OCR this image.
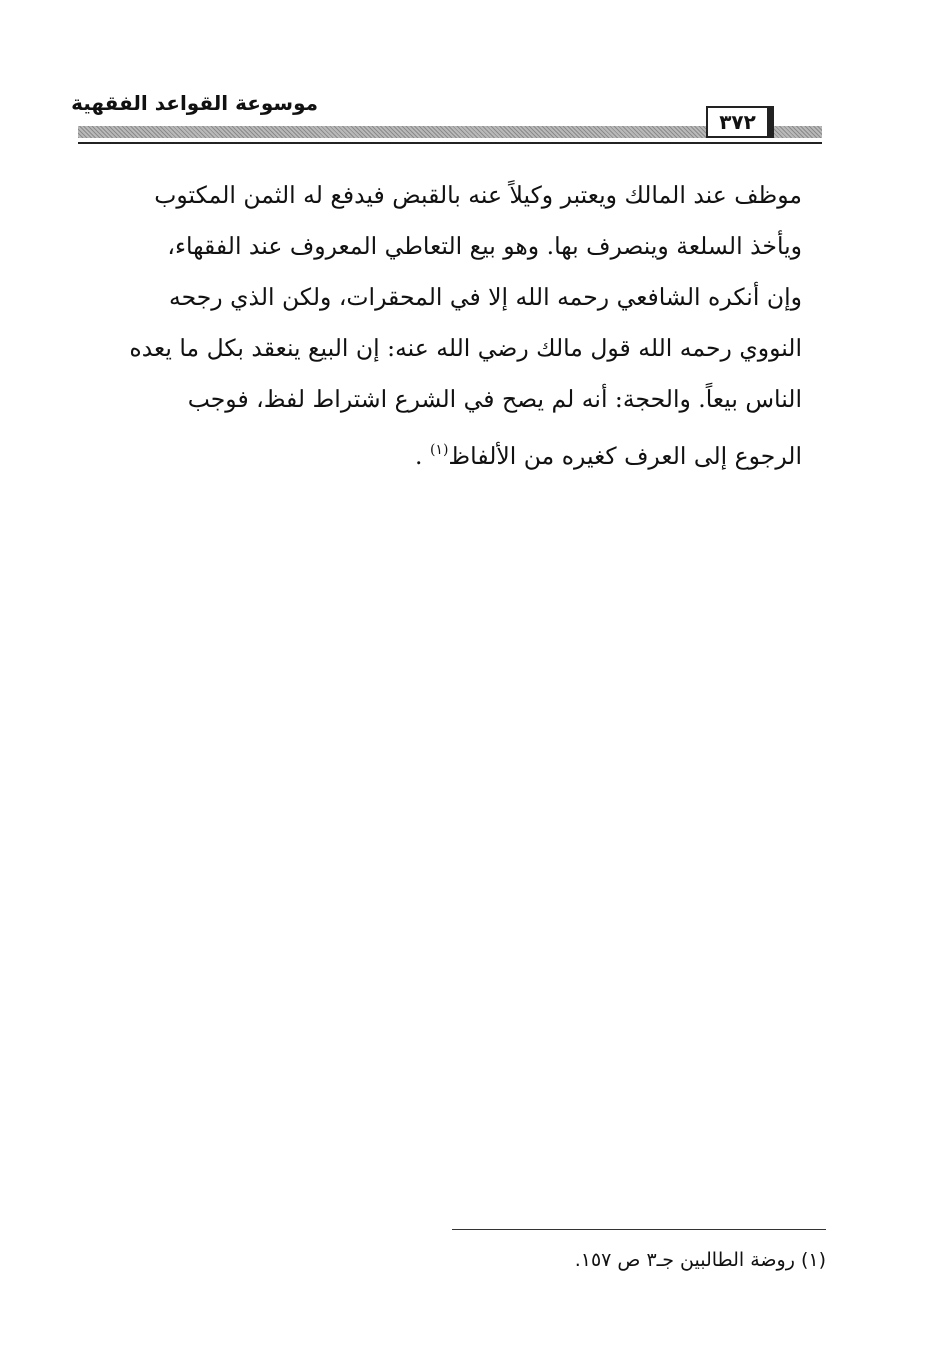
موسوعة القواعد الفقهية
٣٧٢
موظف عند المالك ويعتبر وكيلاً عنه بالقبض فيدفع له الثمن المكتوب
ويأخذ السلعة وينصرف بها. وهو بيع التعاطي المعروف عند الفقهاء،
وإن أنكره الشافعي رحمه الله إلا في المحقرات، ولكن الذي رجحه
النووي رحمه الله قول مالك رضي الله عنه: إن البيع ينعقد بكل ما يعده
الناس بيعاً. والحجة: أنه لم يصح في الشرع اشتراط لفظ، فوجب
الرجوع إلى العرف كغيره من الألفاظ$^{(١)}$ .
(١) روضة الطالبين جـ٣ ص ١٥٧.
